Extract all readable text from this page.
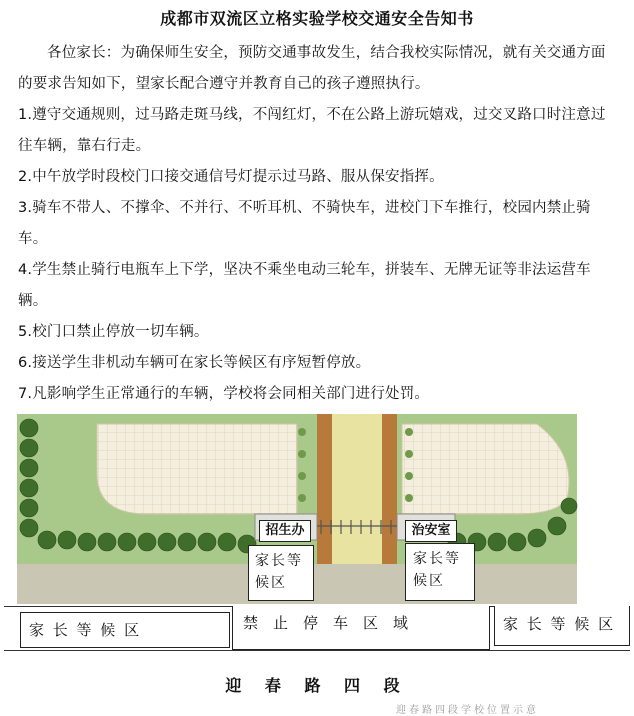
成都市双流区立格实验学校交通安全告知书
各位家长：为确保师生安全，预防交通事故发生，结合我校实际情况，就有关交通方面的要求告知如下，望家长配合遵守并教育自己的孩子遵照执行。
1.遵守交通规则，过马路走斑马线，不闯红灯，不在公路上游玩嬉戏，过交叉路口时注意过往车辆，靠右行走。
2.中午放学时段校门口接交通信号灯提示过马路、服从保安指挥。
3.骑车不带人、不撑伞、不并行、不听耳机、不骑快车，进校门下车推行，校园内禁止骑车。
4.学生禁止骑行电瓶车上下学，坚决不乘坐电动三轮车，拼装车、无牌无证等非法运营车辆。
5.校门口禁止停放一切车辆。
6.接送学生非机动车辆可在家长等候区有序短暂停放。
7.凡影响学生正常通行的车辆，学校将会同相关部门进行处罚。
招生办	治安室
家长等候区
家长等候区
家 长 等 候 区	禁　止　停　车　区　域	家 长 等 候 区
迎 春 路 四 段
迎春路四段学校位置示意
